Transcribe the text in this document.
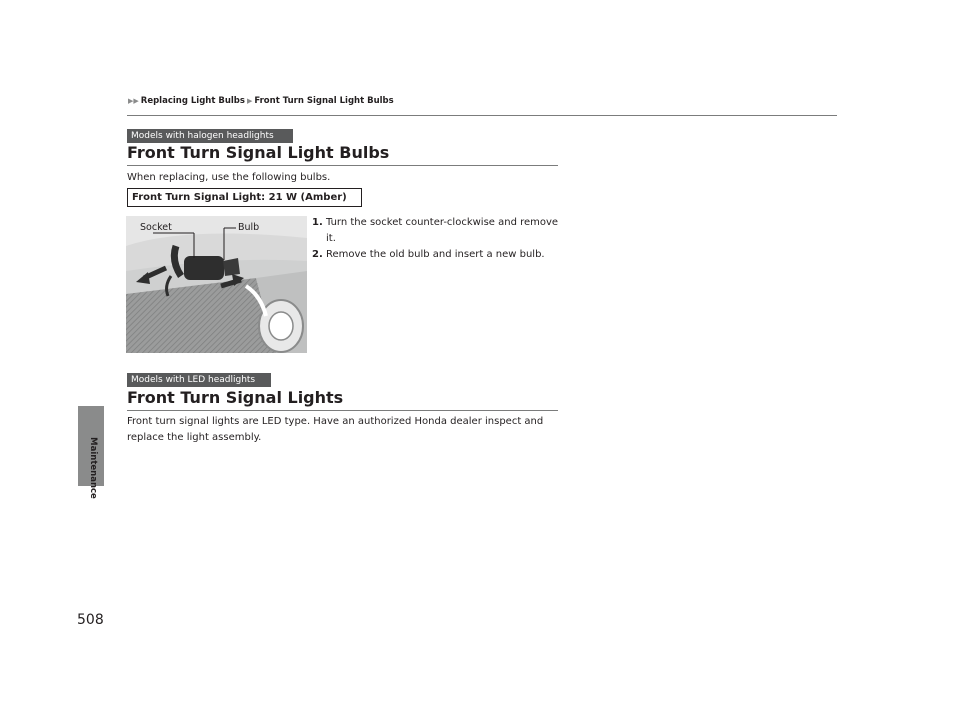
Maintenance
508
▶▶ Replacing Light Bulbs ▶ Front Turn Signal Light Bulbs
Models with halogen headlights
Front Turn Signal Light Bulbs
When replacing, use the following bulbs.
Front Turn Signal Light: 21 W (Amber)
Socket	Bulb	1. Turn the socket counter-clockwise and remove it.
2. Remove the old bulb and insert a new bulb.
Models with LED headlights
Front Turn Signal Lights
Front turn signal lights are LED type. Have an authorized Honda dealer inspect and replace the light assembly.
